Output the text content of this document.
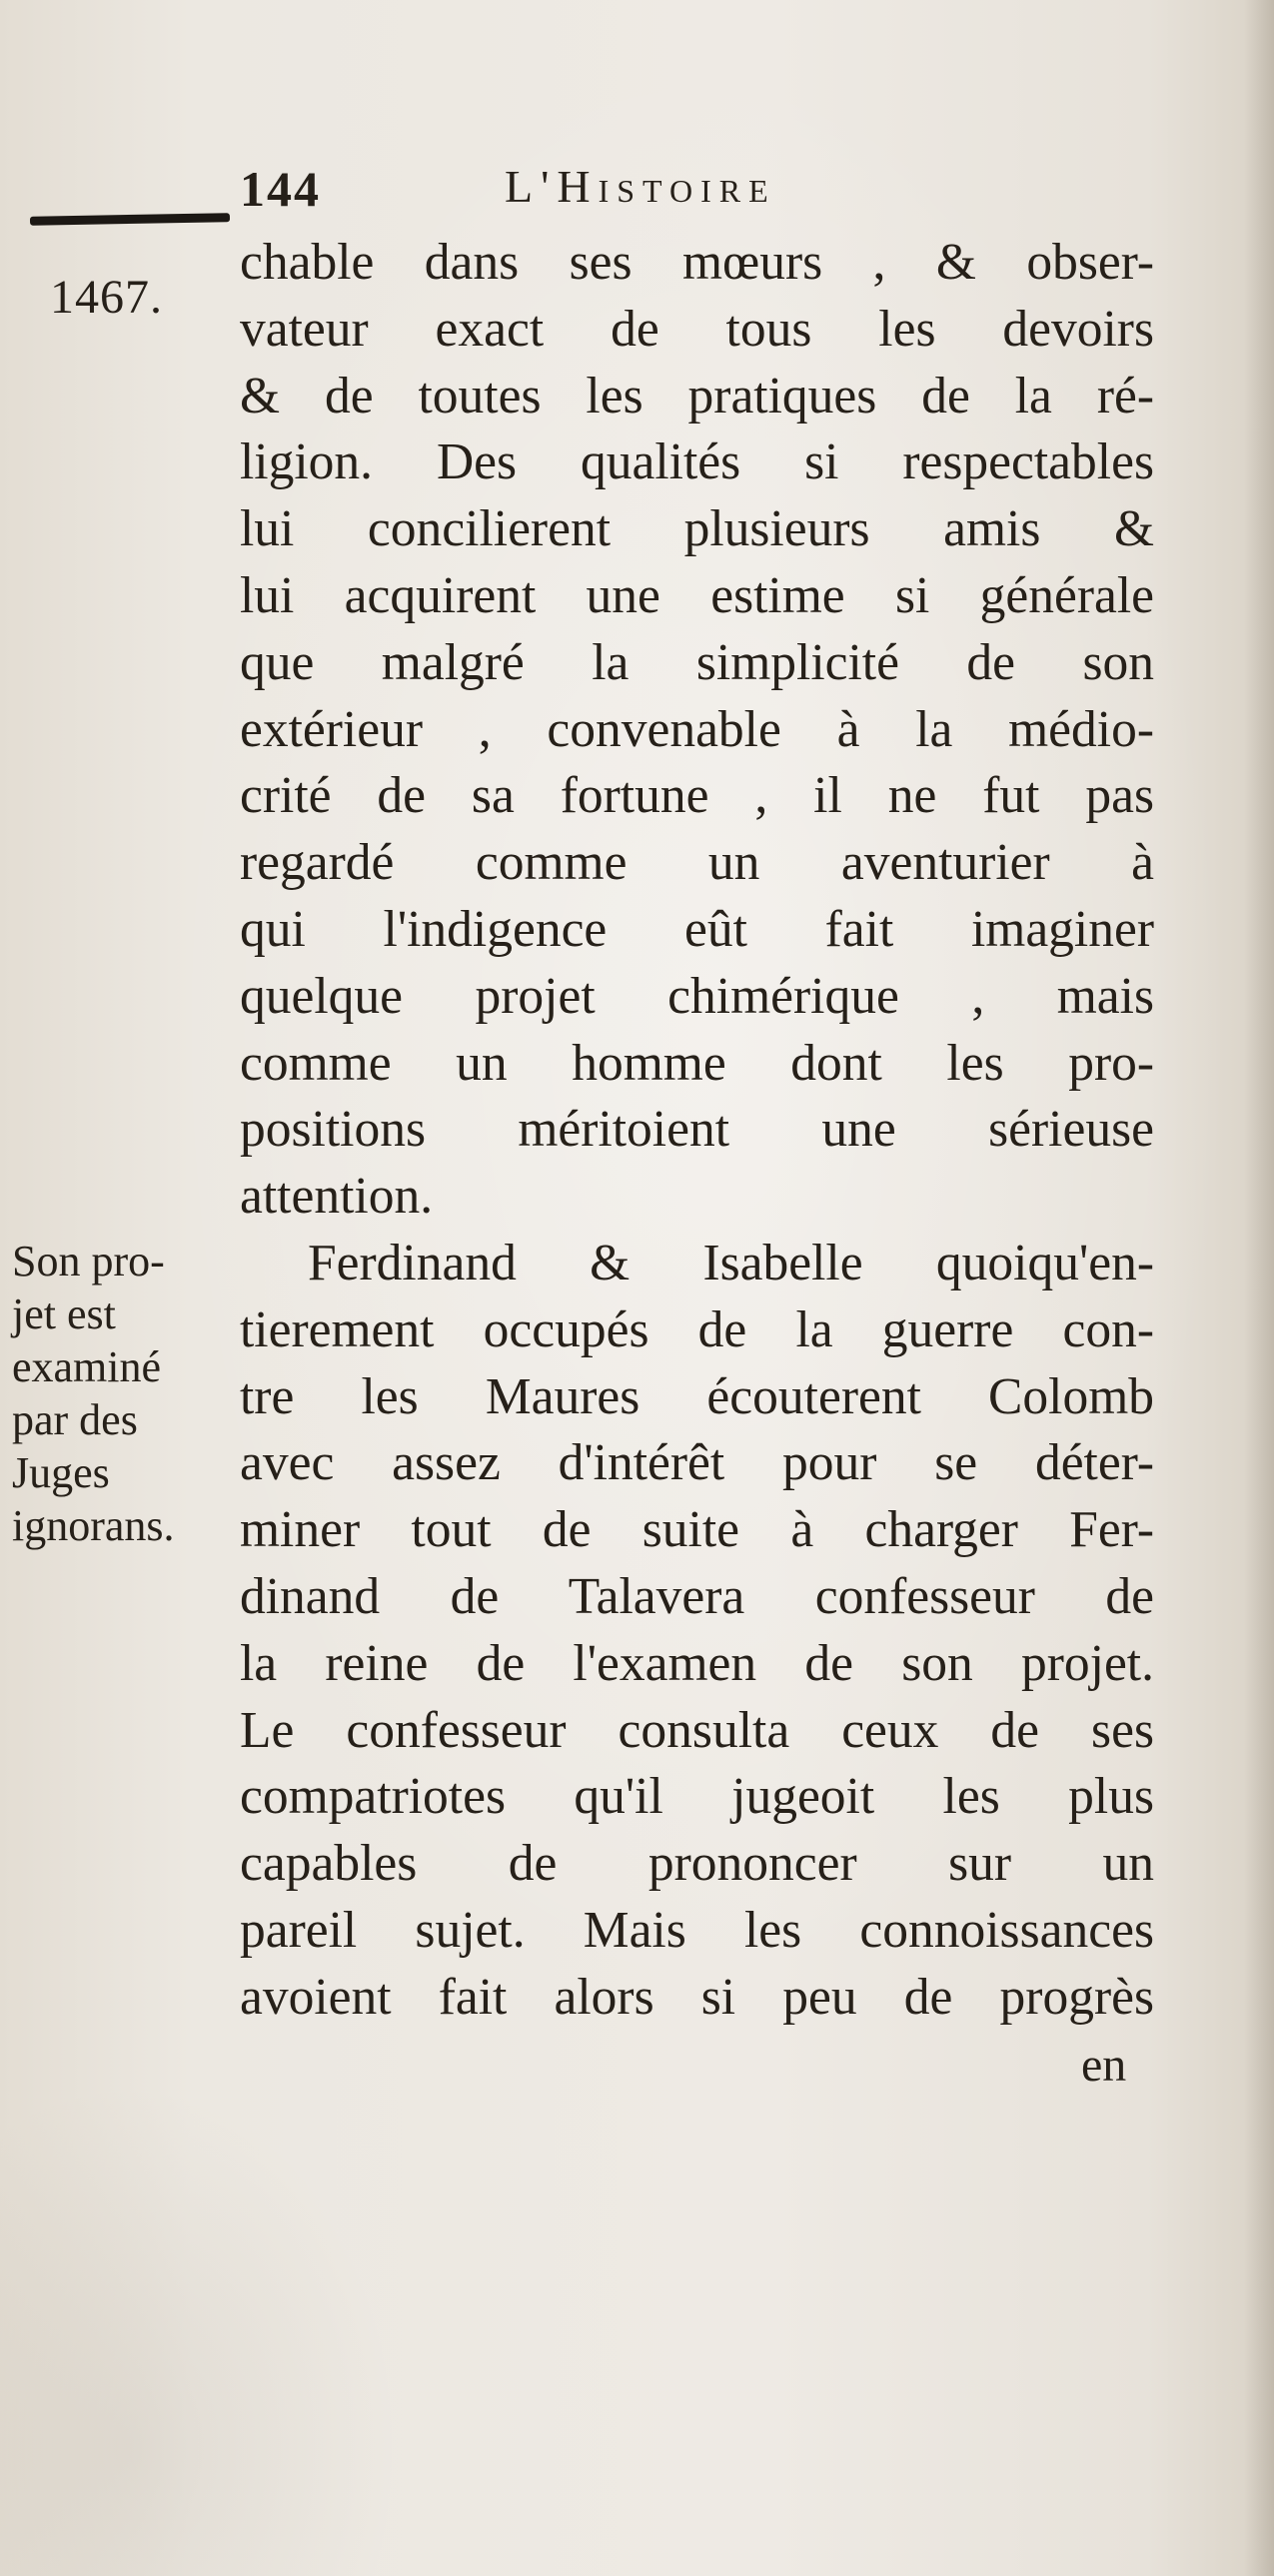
144	L'Histoire
1467.
Son pro-
jet est
examiné
par des
Juges
ignorans.
chable dans ses mœurs , & obser-
vateur exact de tous les devoirs
& de toutes les pratiques de la ré-
ligion. Des qualités si respectables
lui concilierent plusieurs amis &
lui acquirent une estime si générale
que malgré la simplicité de son
extérieur , convenable à la médio-
crité de sa fortune , il ne fut pas
regardé comme un aventurier à
qui l'indigence eût fait imaginer
quelque projet chimérique , mais
comme un homme dont les pro-
positions méritoient une sérieuse
attention.
Ferdinand & Isabelle quoiqu'en-
tierement occupés de la guerre con-
tre les Maures écouterent Colomb
avec assez d'intérêt pour se déter-
miner tout de suite à charger Fer-
dinand de Talavera confesseur de
la reine de l'examen de son projet.
Le confesseur consulta ceux de ses
compatriotes qu'il jugeoit les plus
capables de prononcer sur un
pareil sujet. Mais les connoissances
avoient fait alors si peu de progrès
en
